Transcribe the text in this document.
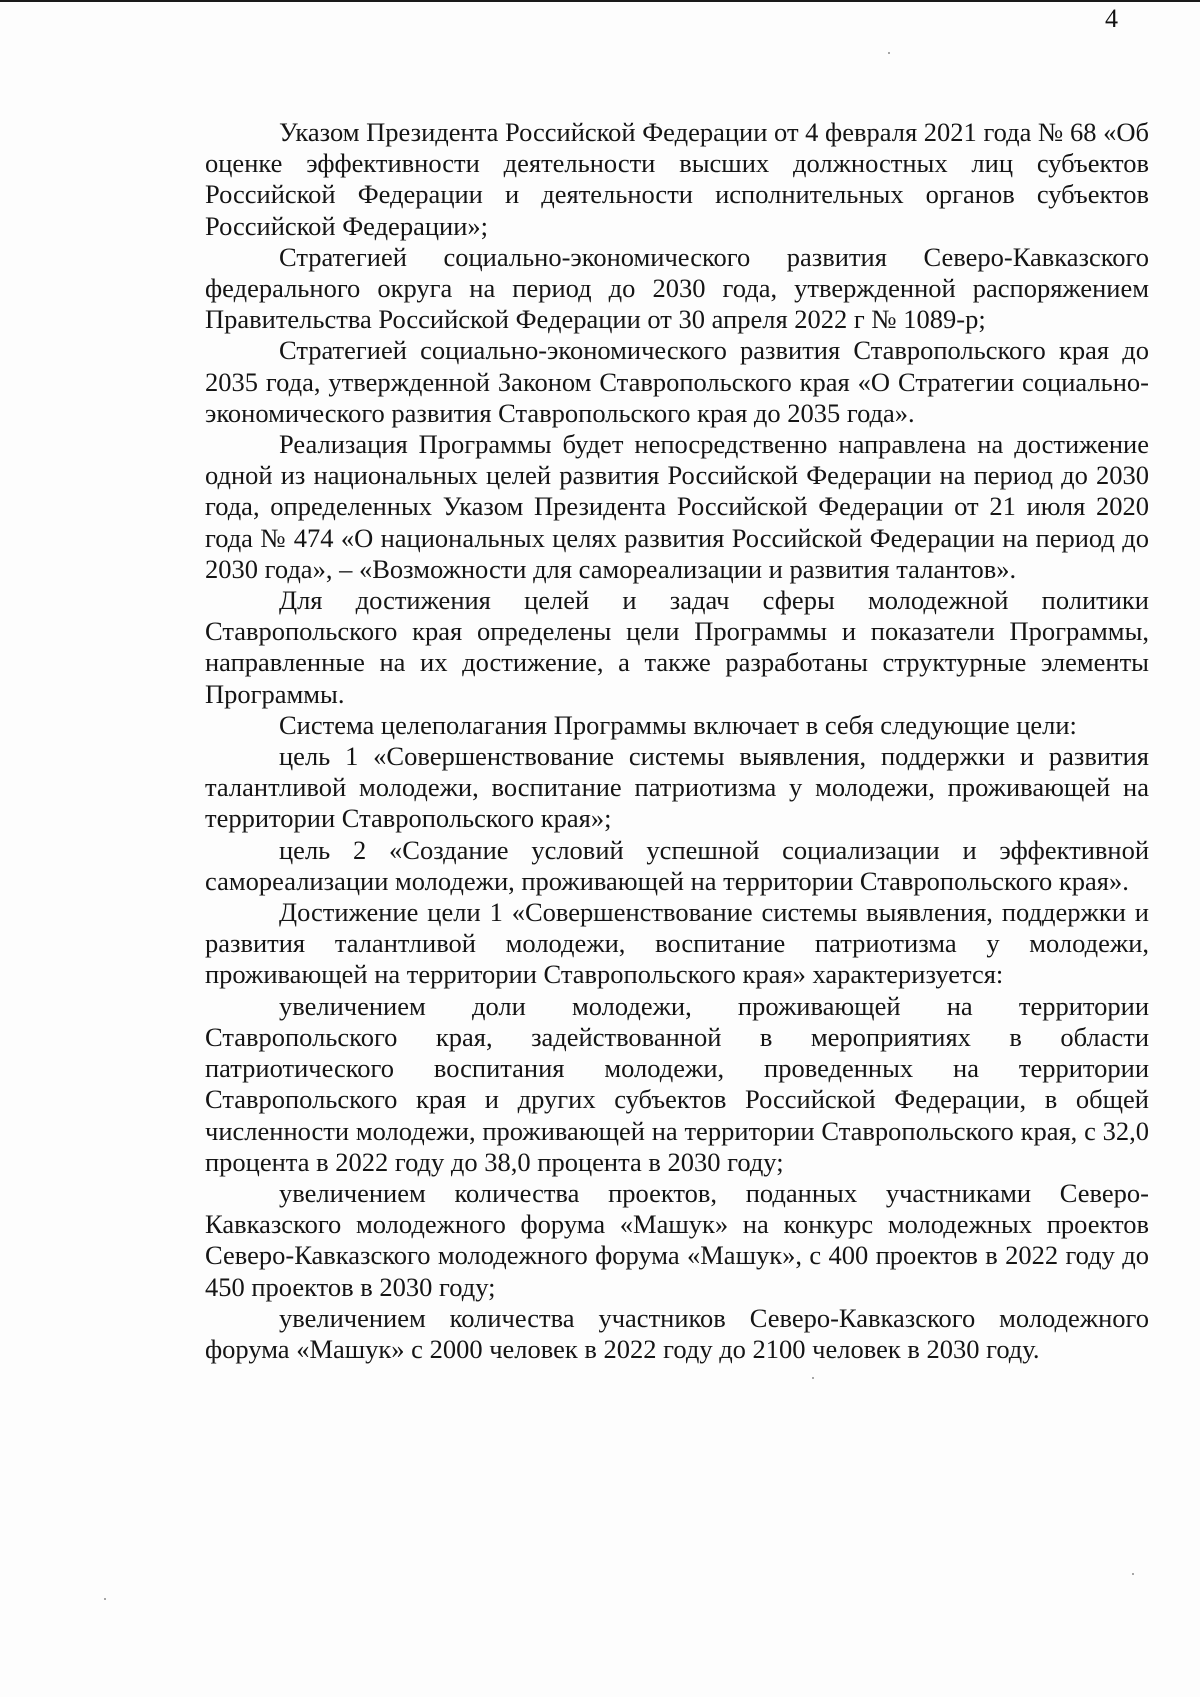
4

Указом Президента Российской Федерации от 4 февраля 2021 года № 68 «Об оценке эффективности деятельности высших должностных лиц субъектов Российской Федерации и деятельности исполнительных органов субъектов Российской Федерации»;

Стратегией социально-экономического развития Северо-Кавказского федерального округа на период до 2030 года, утвержденной распоряжением Правительства Российской Федерации от 30 апреля 2022 г № 1089-р;

Стратегией социально-экономического развития Ставропольского края до 2035 года, утвержденной Законом Ставропольского края «О Стратегии социально-экономического развития Ставропольского края до 2035 года».

Реализация Программы будет непосредственно направлена на достижение одной из национальных целей развития Российской Федерации на период до 2030 года, определенных Указом Президента Российской Федерации от 21 июля 2020 года № 474 «О национальных целях развития Российской Федерации на период до 2030 года», – «Возможности для самореализации и развития талантов».

Для достижения целей и задач сферы молодежной политики Ставропольского края определены цели Программы и показатели Программы, направленные на их достижение, а также разработаны структурные элементы Программы.

Система целеполагания Программы включает в себя следующие цели:

цель 1 «Совершенствование системы выявления, поддержки и развития талантливой молодежи, воспитание патриотизма у молодежи, проживающей на территории Ставропольского края»;

цель 2 «Создание условий успешной социализации и эффективной самореализации молодежи, проживающей на территории Ставропольского края».

Достижение цели 1 «Совершенствование системы выявления, поддержки и развития талантливой молодежи, воспитание патриотизма у молодежи, проживающей на территории Ставропольского края» характеризуется:

увеличением доли молодежи, проживающей на территории Ставропольского края, задействованной в мероприятиях в области патриотического воспитания молодежи, проведенных на территории Ставропольского края и других субъектов Российской Федерации, в общей численности молодежи, проживающей на территории Ставропольского края, с 32,0 процента в 2022 году до 38,0 процента в 2030 году;

увеличением количества проектов, поданных участниками Северо-Кавказского молодежного форума «Машук» на конкурс молодежных проектов Северо-Кавказского молодежного форума «Машук», с 400 проектов в 2022 году до 450 проектов в 2030 году;

увеличением количества участников Северо-Кавказского молодежного форума «Машук» с 2000 человек в 2022 году до 2100 человек в 2030 году.
